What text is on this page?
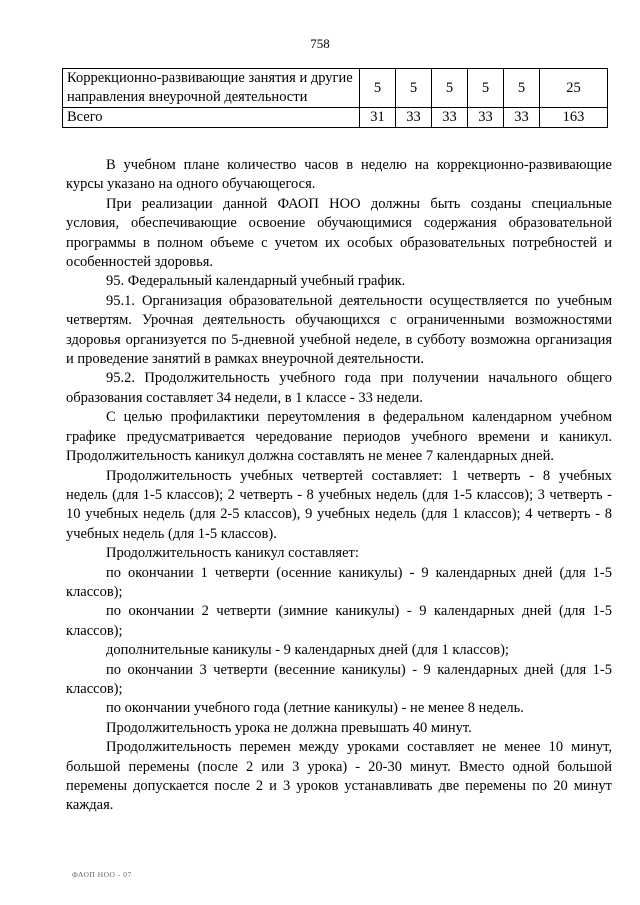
758
Коррекционно-развивающие занятия и другие направления внеурочной деятельности	5	5	5	5	5	25
Всего	31	33	33	33	33	163

В учебном плане количество часов в неделю на коррекционно-развивающие курсы указано на одного обучающегося.

При реализации данной ФАОП НОО должны быть созданы специальные условия, обеспечивающие освоение обучающимися содержания образовательной программы в полном объеме с учетом их особых образовательных потребностей и особенностей здоровья.

95. Федеральный календарный учебный график.

95.1. Организация образовательной деятельности осуществляется по учебным четвертям. Урочная деятельность обучающихся с ограниченными возможностями здоровья организуется по 5-дневной учебной неделе, в субботу возможна организация и проведение занятий в рамках внеурочной деятельности.

95.2. Продолжительность учебного года при получении начального общего образования составляет 34 недели, в 1 классе - 33 недели.

С целью профилактики переутомления в федеральном календарном учебном графике предусматривается чередование периодов учебного времени и каникул. Продолжительность каникул должна составлять не менее 7 календарных дней.

Продолжительность учебных четвертей составляет: 1 четверть - 8 учебных недель (для 1-5 классов); 2 четверть - 8 учебных недель (для 1-5 классов); 3 четверть - 10 учебных недель (для 2-5 классов), 9 учебных недель (для 1 классов); 4 четверть - 8 учебных недель (для 1-5 классов).

Продолжительность каникул составляет:

по окончании 1 четверти (осенние каникулы) - 9 календарных дней (для 1-5 классов);

по окончании 2 четверти (зимние каникулы) - 9 календарных дней (для 1-5 классов);

дополнительные каникулы - 9 календарных дней (для 1 классов);

по окончании 3 четверти (весенние каникулы) - 9 календарных дней (для 1-5 классов);

по окончании учебного года (летние каникулы) - не менее 8 недель.

Продолжительность урока не должна превышать 40 минут.

Продолжительность перемен между уроками составляет не менее 10 минут, большой перемены (после 2 или 3 урока) - 20-30 минут. Вместо одной большой перемены допускается после 2 и 3 уроков устанавливать две перемены по 20 минут каждая.

ФАОП НОО - 07
